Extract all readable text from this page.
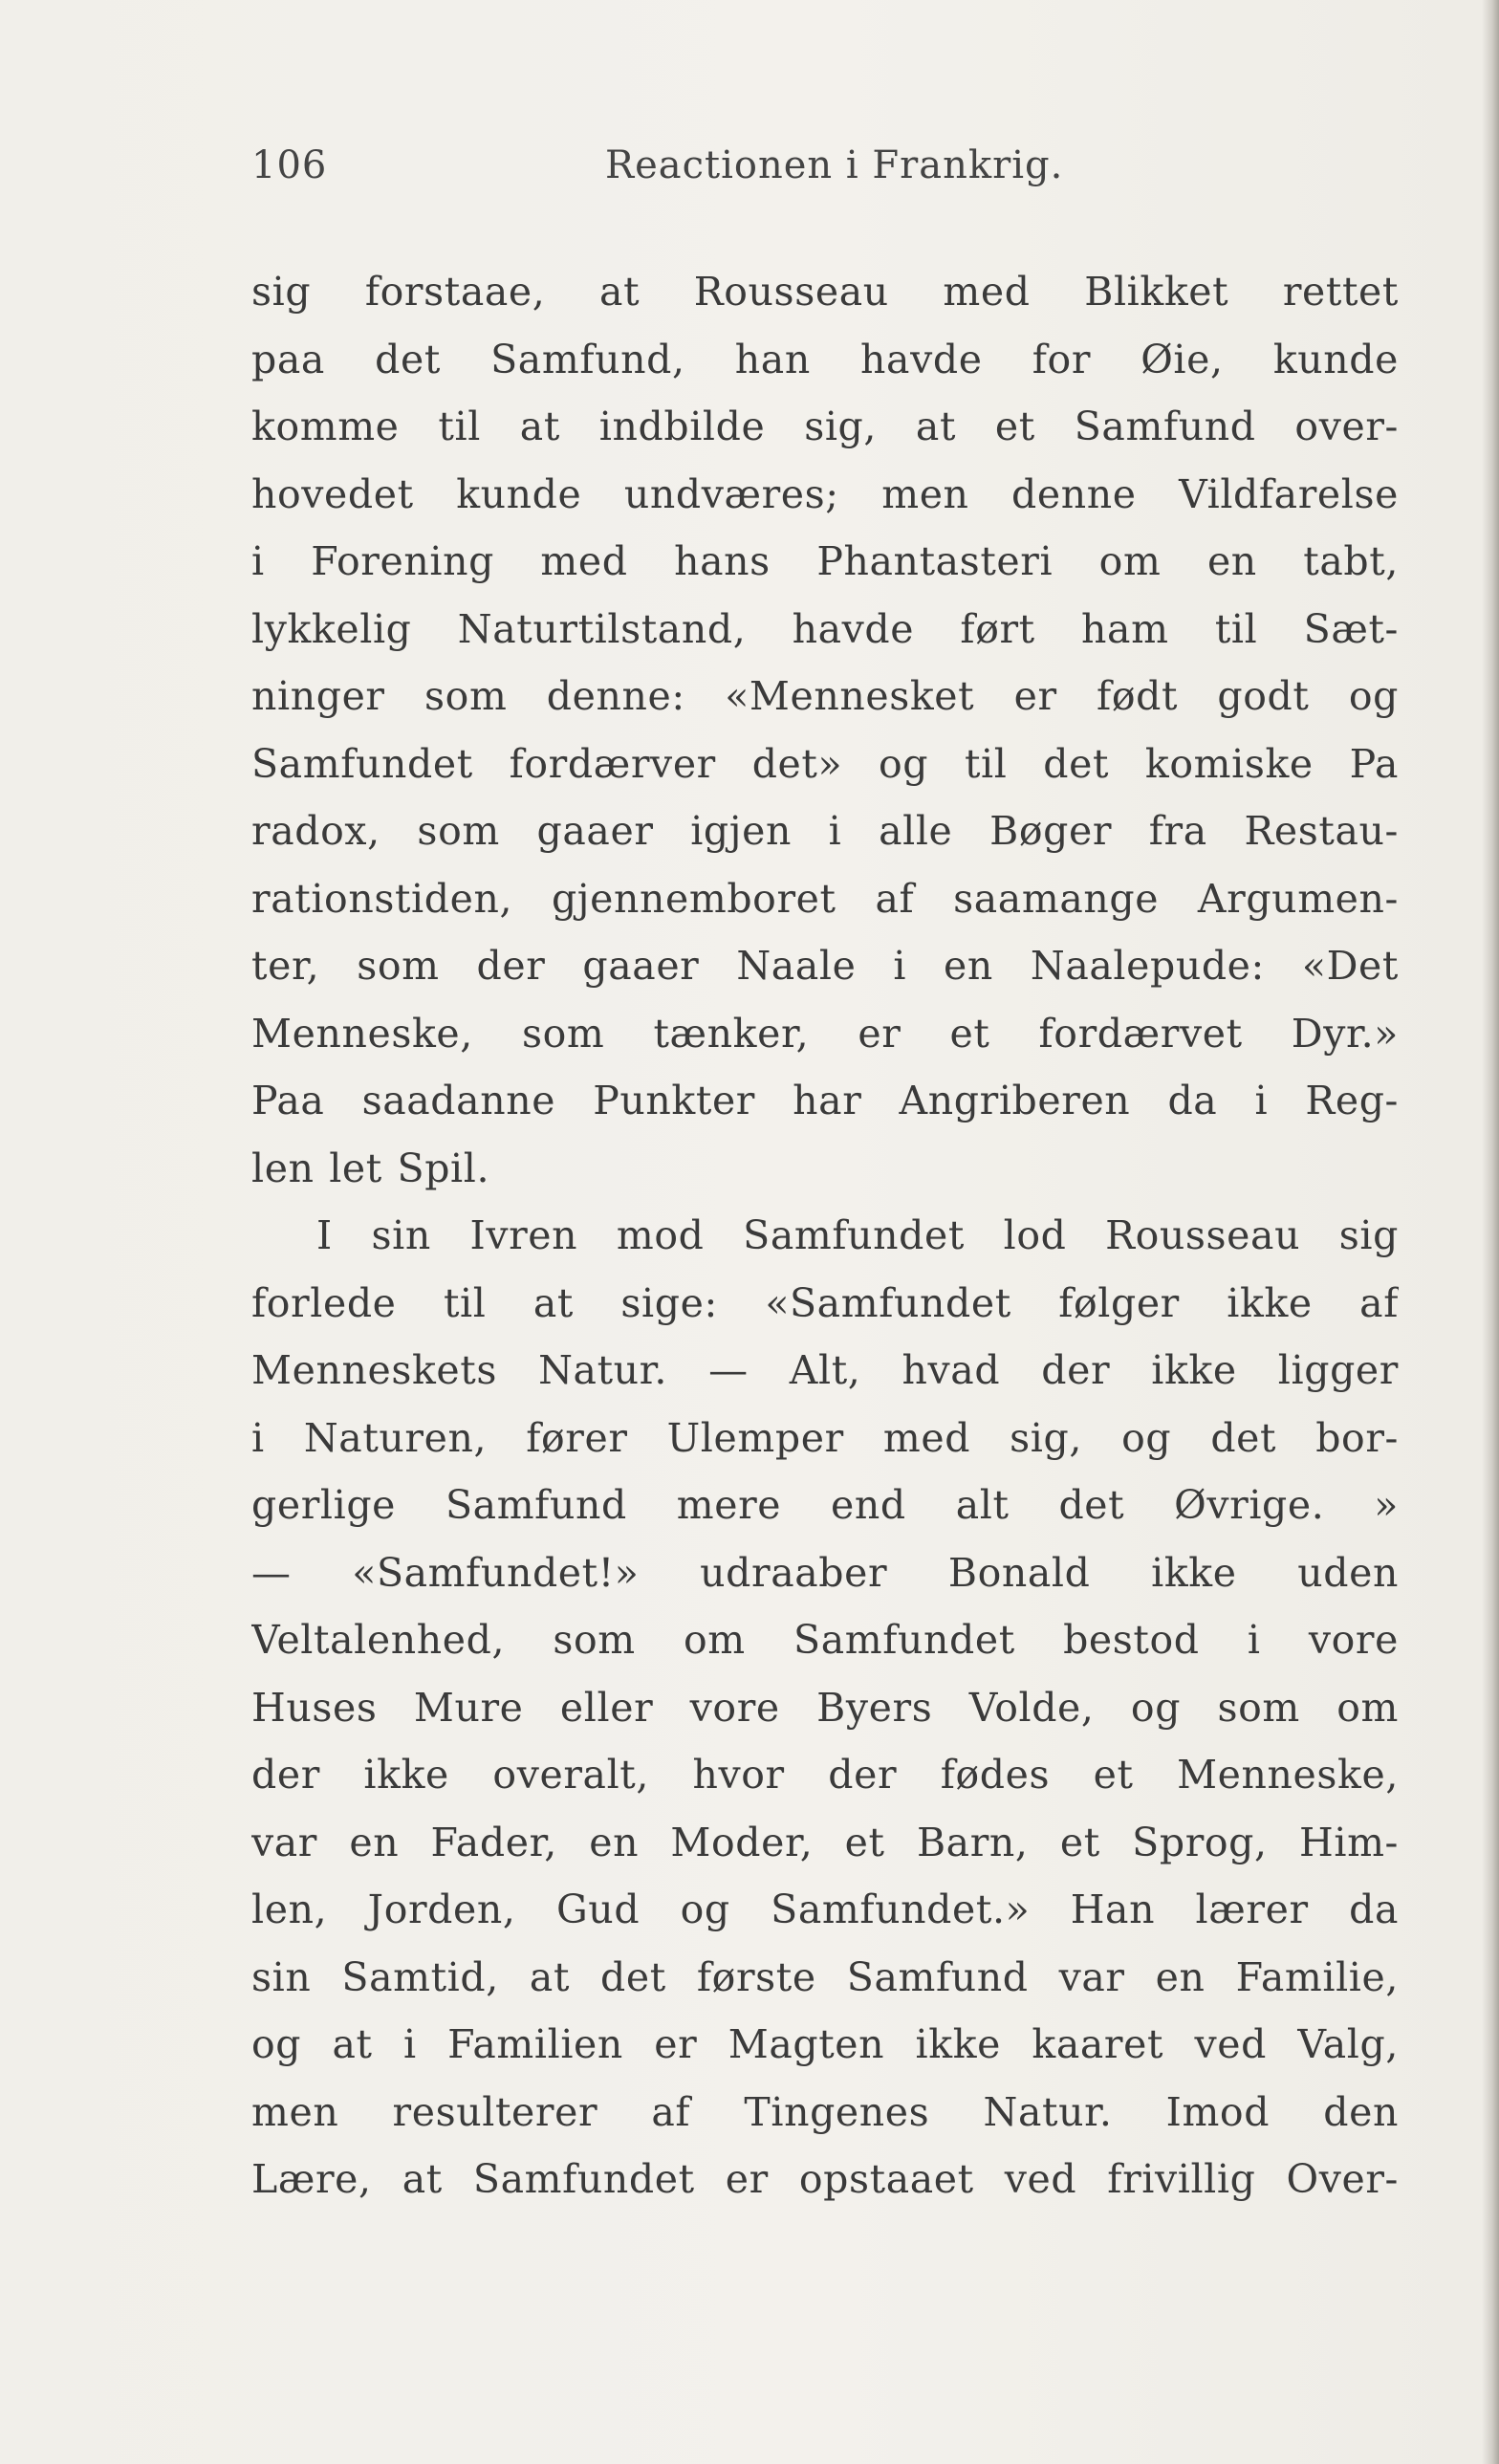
106	Reactionen i Frankrig.
sig forstaae, at Rousseau med Blikket rettet
paa det Samfund, han havde for Øie, kunde
komme til at indbilde sig, at et Samfund over-
hovedet kunde undværes; men denne Vildfarelse
i Forening med hans Phantasteri om en tabt,
lykkelig Naturtilstand, havde ført ham til Sæt-
ninger som denne: «Mennesket er født godt og
Samfundet fordærver det» og til det komiske Pa
radox, som gaaer igjen i alle Bøger fra Restau-
rationstiden, gjennemboret af saamange Argumen-
ter, som der gaaer Naale i en Naalepude: «Det
Menneske, som tænker, er et fordærvet Dyr.»
Paa saadanne Punkter har Angriberen da i Reg-
len let Spil.
I sin Ivren mod Samfundet lod Rousseau sig
forlede til at sige: «Samfundet følger ikke af
Menneskets Natur. — Alt, hvad der ikke ligger
i Naturen, fører Ulemper med sig, og det bor-
gerlige Samfund mere end alt det Øvrige. »
— «Samfundet!» udraaber Bonald ikke uden
Veltalenhed, som om Samfundet bestod i vore
Huses Mure eller vore Byers Volde, og som om
der ikke overalt, hvor der fødes et Menneske,
var en Fader, en Moder, et Barn, et Sprog, Him-
len, Jorden, Gud og Samfundet.» Han lærer da
sin Samtid, at det første Samfund var en Familie,
og at i Familien er Magten ikke kaaret ved Valg,
men resulterer af Tingenes Natur. Imod den
Lære, at Samfundet er opstaaet ved frivillig Over-
